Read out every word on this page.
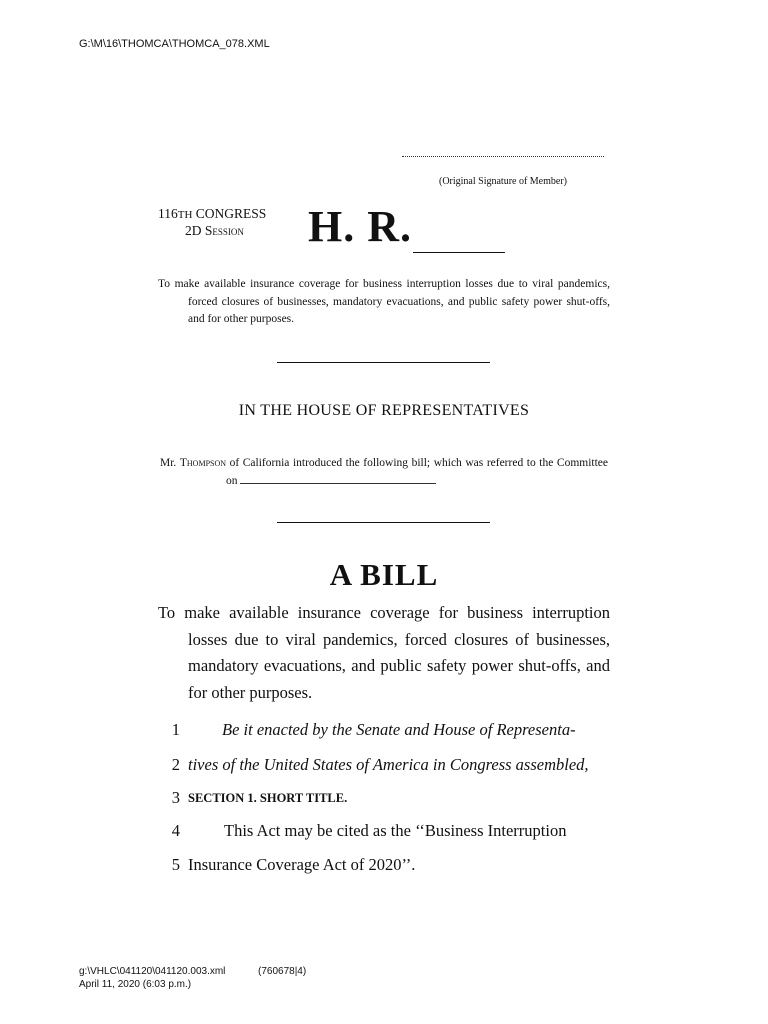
G:\M\16\THOMCA\THOMCA_078.XML
(Original Signature of Member)
116TH CONGRESS
2D Session	H. R.
To make available insurance coverage for business interruption losses due to viral pandemics, forced closures of businesses, mandatory evacuations, and public safety power shut-offs, and for other purposes.
IN THE HOUSE OF REPRESENTATIVES
Mr. Thompson of California introduced the following bill; which was referred to the Committee on
A BILL
To make available insurance coverage for business interruption losses due to viral pandemics, forced closures of businesses, mandatory evacuations, and public safety power shut-offs, and for other purposes.
1	Be it enacted by the Senate and House of Representa-
2 tives of the United States of America in Congress assembled,
3 SECTION 1. SHORT TITLE.
4	This Act may be cited as the ‘‘Business Interruption
5 Insurance Coverage Act of 2020’’.
g:\VHLC\041120\041120.003.xml	(760678|4)
April 11, 2020 (6:03 p.m.)
